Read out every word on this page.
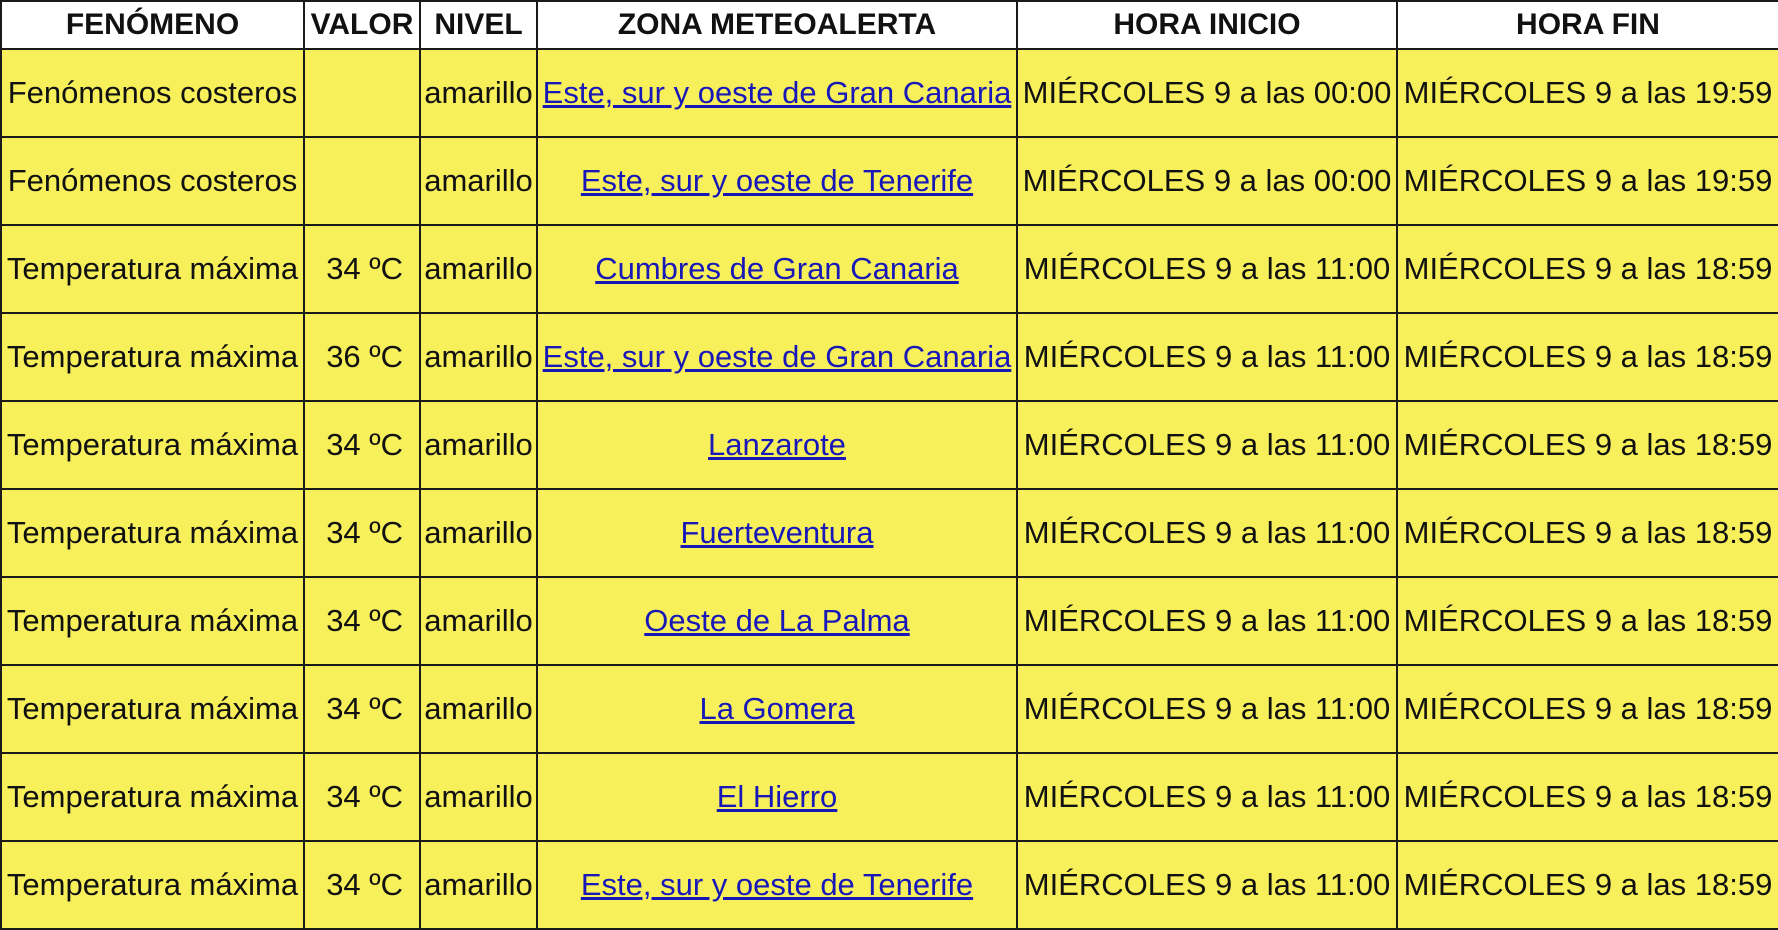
FENÓMENO	VALOR	NIVEL	ZONA METEOALERTA	HORA INICIO	HORA FIN
Fenómenos costeros		amarillo	Este, sur y oeste de Gran Canaria	MIÉRCOLES 9 a las 00:00	MIÉRCOLES 9 a las 19:59
Fenómenos costeros		amarillo	Este, sur y oeste de Tenerife	MIÉRCOLES 9 a las 00:00	MIÉRCOLES 9 a las 19:59
Temperatura máxima	34 ºC	amarillo	Cumbres de Gran Canaria	MIÉRCOLES 9 a las 11:00	MIÉRCOLES 9 a las 18:59
Temperatura máxima	36 ºC	amarillo	Este, sur y oeste de Gran Canaria	MIÉRCOLES 9 a las 11:00	MIÉRCOLES 9 a las 18:59
Temperatura máxima	34 ºC	amarillo	Lanzarote	MIÉRCOLES 9 a las 11:00	MIÉRCOLES 9 a las 18:59
Temperatura máxima	34 ºC	amarillo	Fuerteventura	MIÉRCOLES 9 a las 11:00	MIÉRCOLES 9 a las 18:59
Temperatura máxima	34 ºC	amarillo	Oeste de La Palma	MIÉRCOLES 9 a las 11:00	MIÉRCOLES 9 a las 18:59
Temperatura máxima	34 ºC	amarillo	La Gomera	MIÉRCOLES 9 a las 11:00	MIÉRCOLES 9 a las 18:59
Temperatura máxima	34 ºC	amarillo	El Hierro	MIÉRCOLES 9 a las 11:00	MIÉRCOLES 9 a las 18:59
Temperatura máxima	34 ºC	amarillo	Este, sur y oeste de Tenerife	MIÉRCOLES 9 a las 11:00	MIÉRCOLES 9 a las 18:59
